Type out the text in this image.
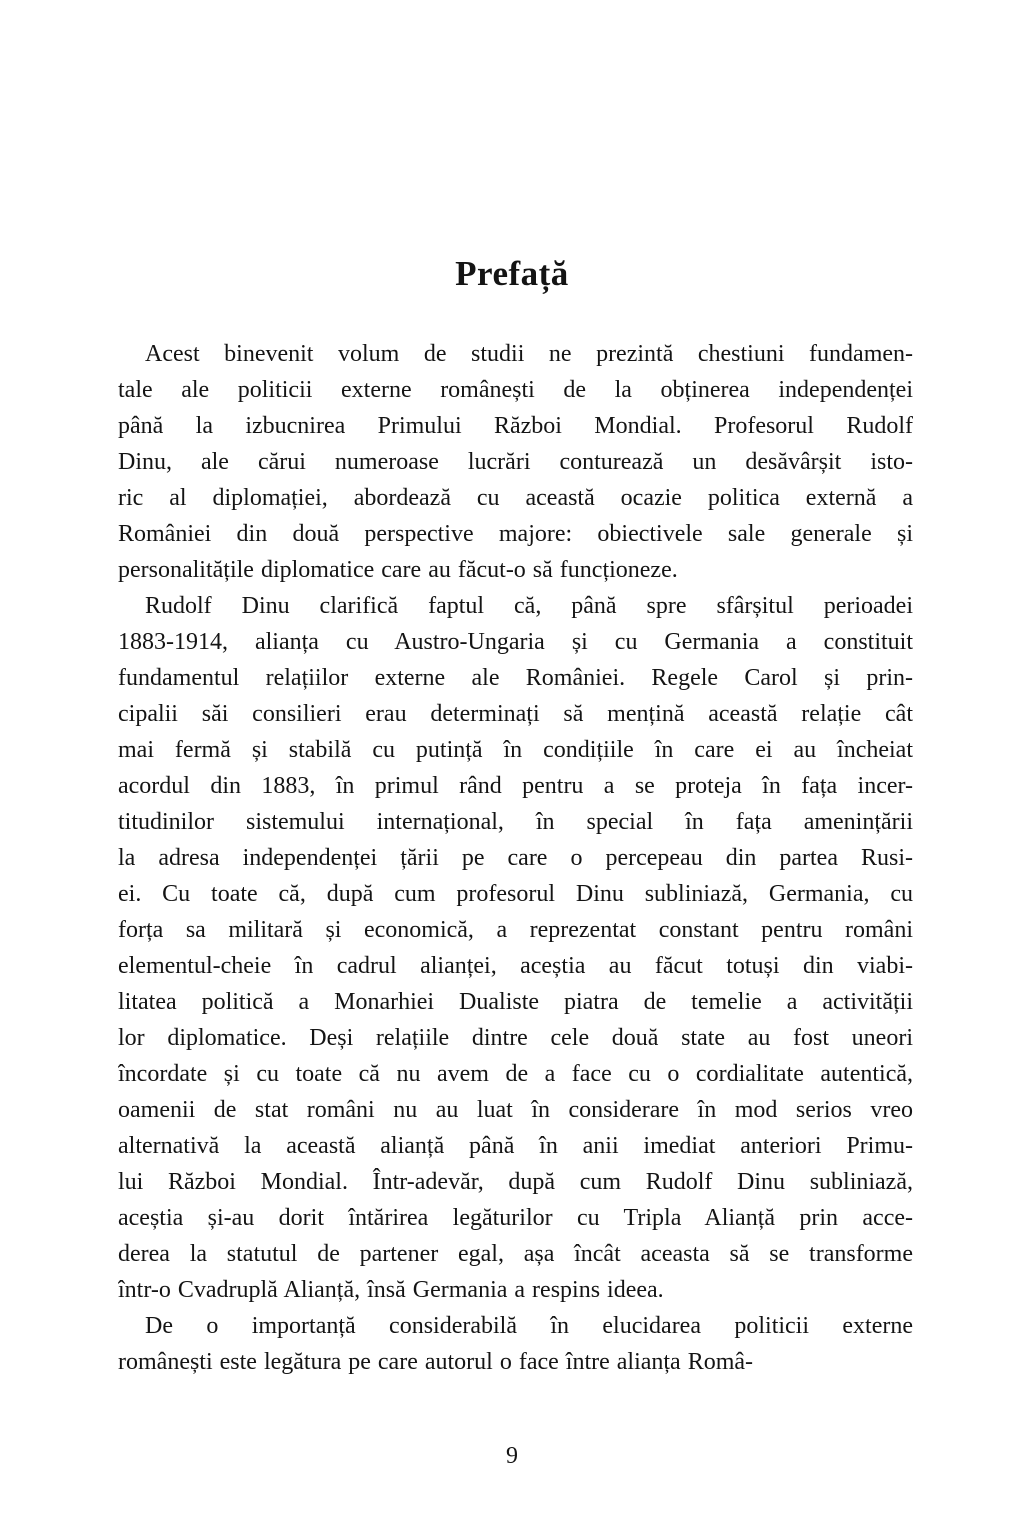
Prefață
Acest binevenit volum de studii ne prezintă chestiuni fundamen-
tale ale politicii externe românești de la obținerea independenței
până la izbucnirea Primului Război Mondial. Profesorul Rudolf
Dinu, ale cărui numeroase lucrări conturează un desăvârșit isto-
ric al diplomației, abordează cu această ocazie politica externă a
României din două perspective majore: obiectivele sale generale și
personalitățile diplomatice care au făcut-o să funcționeze.
Rudolf Dinu clarifică faptul că, până spre sfârșitul perioadei
1883-1914, alianța cu Austro-Ungaria și cu Germania a constituit
fundamentul relațiilor externe ale României. Regele Carol și prin-
cipalii săi consilieri erau determinați să mențină această relație cât
mai fermă și stabilă cu putință în condițiile în care ei au încheiat
acordul din 1883, în primul rând pentru a se proteja în fața incer-
titudinilor sistemului internațional, în special în fața amenințării
la adresa independenței țării pe care o percepeau din partea Rusi-
ei. Cu toate că, după cum profesorul Dinu subliniază, Germania, cu
forța sa militară și economică, a reprezentat constant pentru români
elementul-cheie în cadrul alianței, aceștia au făcut totuși din viabi-
litatea politică a Monarhiei Dualiste piatra de temelie a activității
lor diplomatice. Deși relațiile dintre cele două state au fost uneori
încordate și cu toate că nu avem de a face cu o cordialitate autentică,
oamenii de stat români nu au luat în considerare în mod serios vreo
alternativă la această alianță până în anii imediat anteriori Primu-
lui Război Mondial. Într-adevăr, după cum Rudolf Dinu subliniază,
aceștia și-au dorit întărirea legăturilor cu Tripla Alianță prin acce-
derea la statutul de partener egal, așa încât aceasta să se transforme
într-o Cvadruplă Alianță, însă Germania a respins ideea.
De o importanță considerabilă în elucidarea politicii externe
românești este legătura pe care autorul o face între alianța Româ-
9
